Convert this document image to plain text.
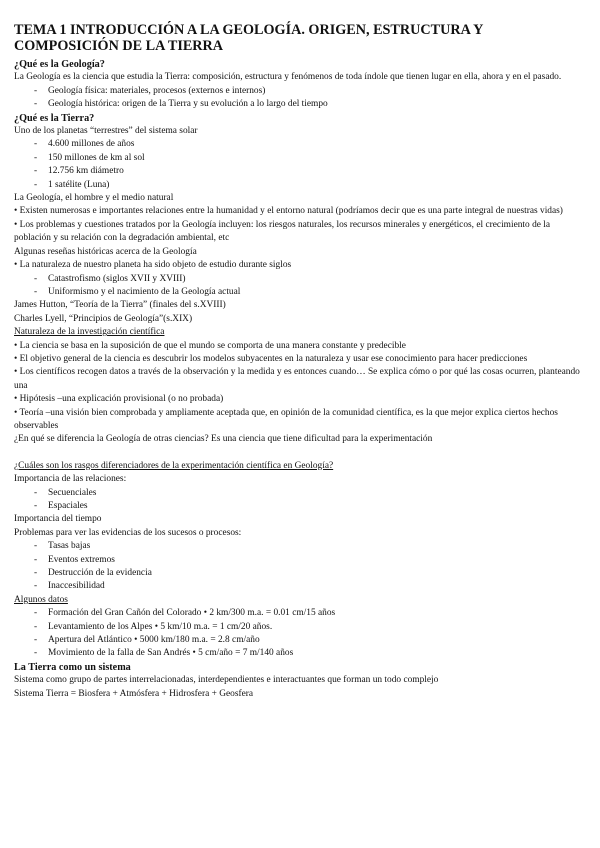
TEMA 1 INTRODUCCIÓN A LA GEOLOGÍA. ORIGEN, ESTRUCTURA Y COMPOSICIÓN DE LA TIERRA
¿Qué es la Geología?
La Geología es la ciencia que estudia la Tierra: composición, estructura y fenómenos de toda índole que tienen lugar en ella, ahora y en el pasado.
- Geología física: materiales, procesos (externos e internos)
- Geología histórica: origen de la Tierra y su evolución a lo largo del tiempo
¿Qué es la Tierra?
Uno de los planetas “terrestres” del sistema solar
- 4.600 millones de años
- 150 millones de km al sol
- 12.756 km diámetro
- 1 satélite (Luna)
La Geología, el hombre y el medio natural
• Existen numerosas e importantes relaciones entre la humanidad y el entorno natural (podríamos decir que es una parte integral de nuestras vidas)
• Los problemas y cuestiones tratados por la Geología incluyen: los riesgos naturales, los recursos minerales y energéticos, el crecimiento de la población y su relación con la degradación ambiental, etc
Algunas reseñas históricas acerca de la Geología
• La naturaleza de nuestro planeta ha sido objeto de estudio durante siglos
- Catastrofismo (siglos XVII y XVIII)
- Uniformismo y el nacimiento de la Geología actual
James Hutton, “Teoría de la Tierra” (finales del s.XVIII)
Charles Lyell, “Principios de Geología”(s.XIX)
Naturaleza de la investigación científica
• La ciencia se basa en la suposición de que el mundo se comporta de una manera constante y predecible
• El objetivo general de la ciencia es descubrir los modelos subyacentes en la naturaleza y usar ese conocimiento para hacer predicciones
• Los científicos recogen datos a través de la observación y la medida y es entonces cuando… Se explica cómo o por qué las cosas ocurren, planteando una
• Hipótesis –una explicación provisional (o no probada)
• Teoría –una visión bien comprobada y ampliamente aceptada que, en opinión de la comunidad científica, es la que mejor explica ciertos hechos observables
¿En qué se diferencia la Geología de otras ciencias? Es una ciencia que tiene dificultad para la experimentación
¿Cuáles son los rasgos diferenciadores de la experimentación científica en Geología?
Importancia de las relaciones:
- Secuenciales
- Espaciales
Importancia del tiempo
Problemas para ver las evidencias de los sucesos o procesos:
- Tasas bajas
- Eventos extremos
- Destrucción de la evidencia
- Inaccesibilidad
Algunos datos
- Formación del Gran Cañón del Colorado • 2 km/300 m.a. = 0.01 cm/15 años
- Levantamiento de los Alpes • 5 km/10 m.a. = 1 cm/20 años.
- Apertura del Atlántico • 5000 km/180 m.a. = 2.8 cm/año
- Movimiento de la falla de San Andrés • 5 cm/año = 7 m/140 años
La Tierra como un sistema
Sistema como grupo de partes interrelacionadas, interdependientes e interactuantes que forman un todo complejo
Sistema Tierra = Biosfera + Atmósfera + Hidrosfera + Geosfera
